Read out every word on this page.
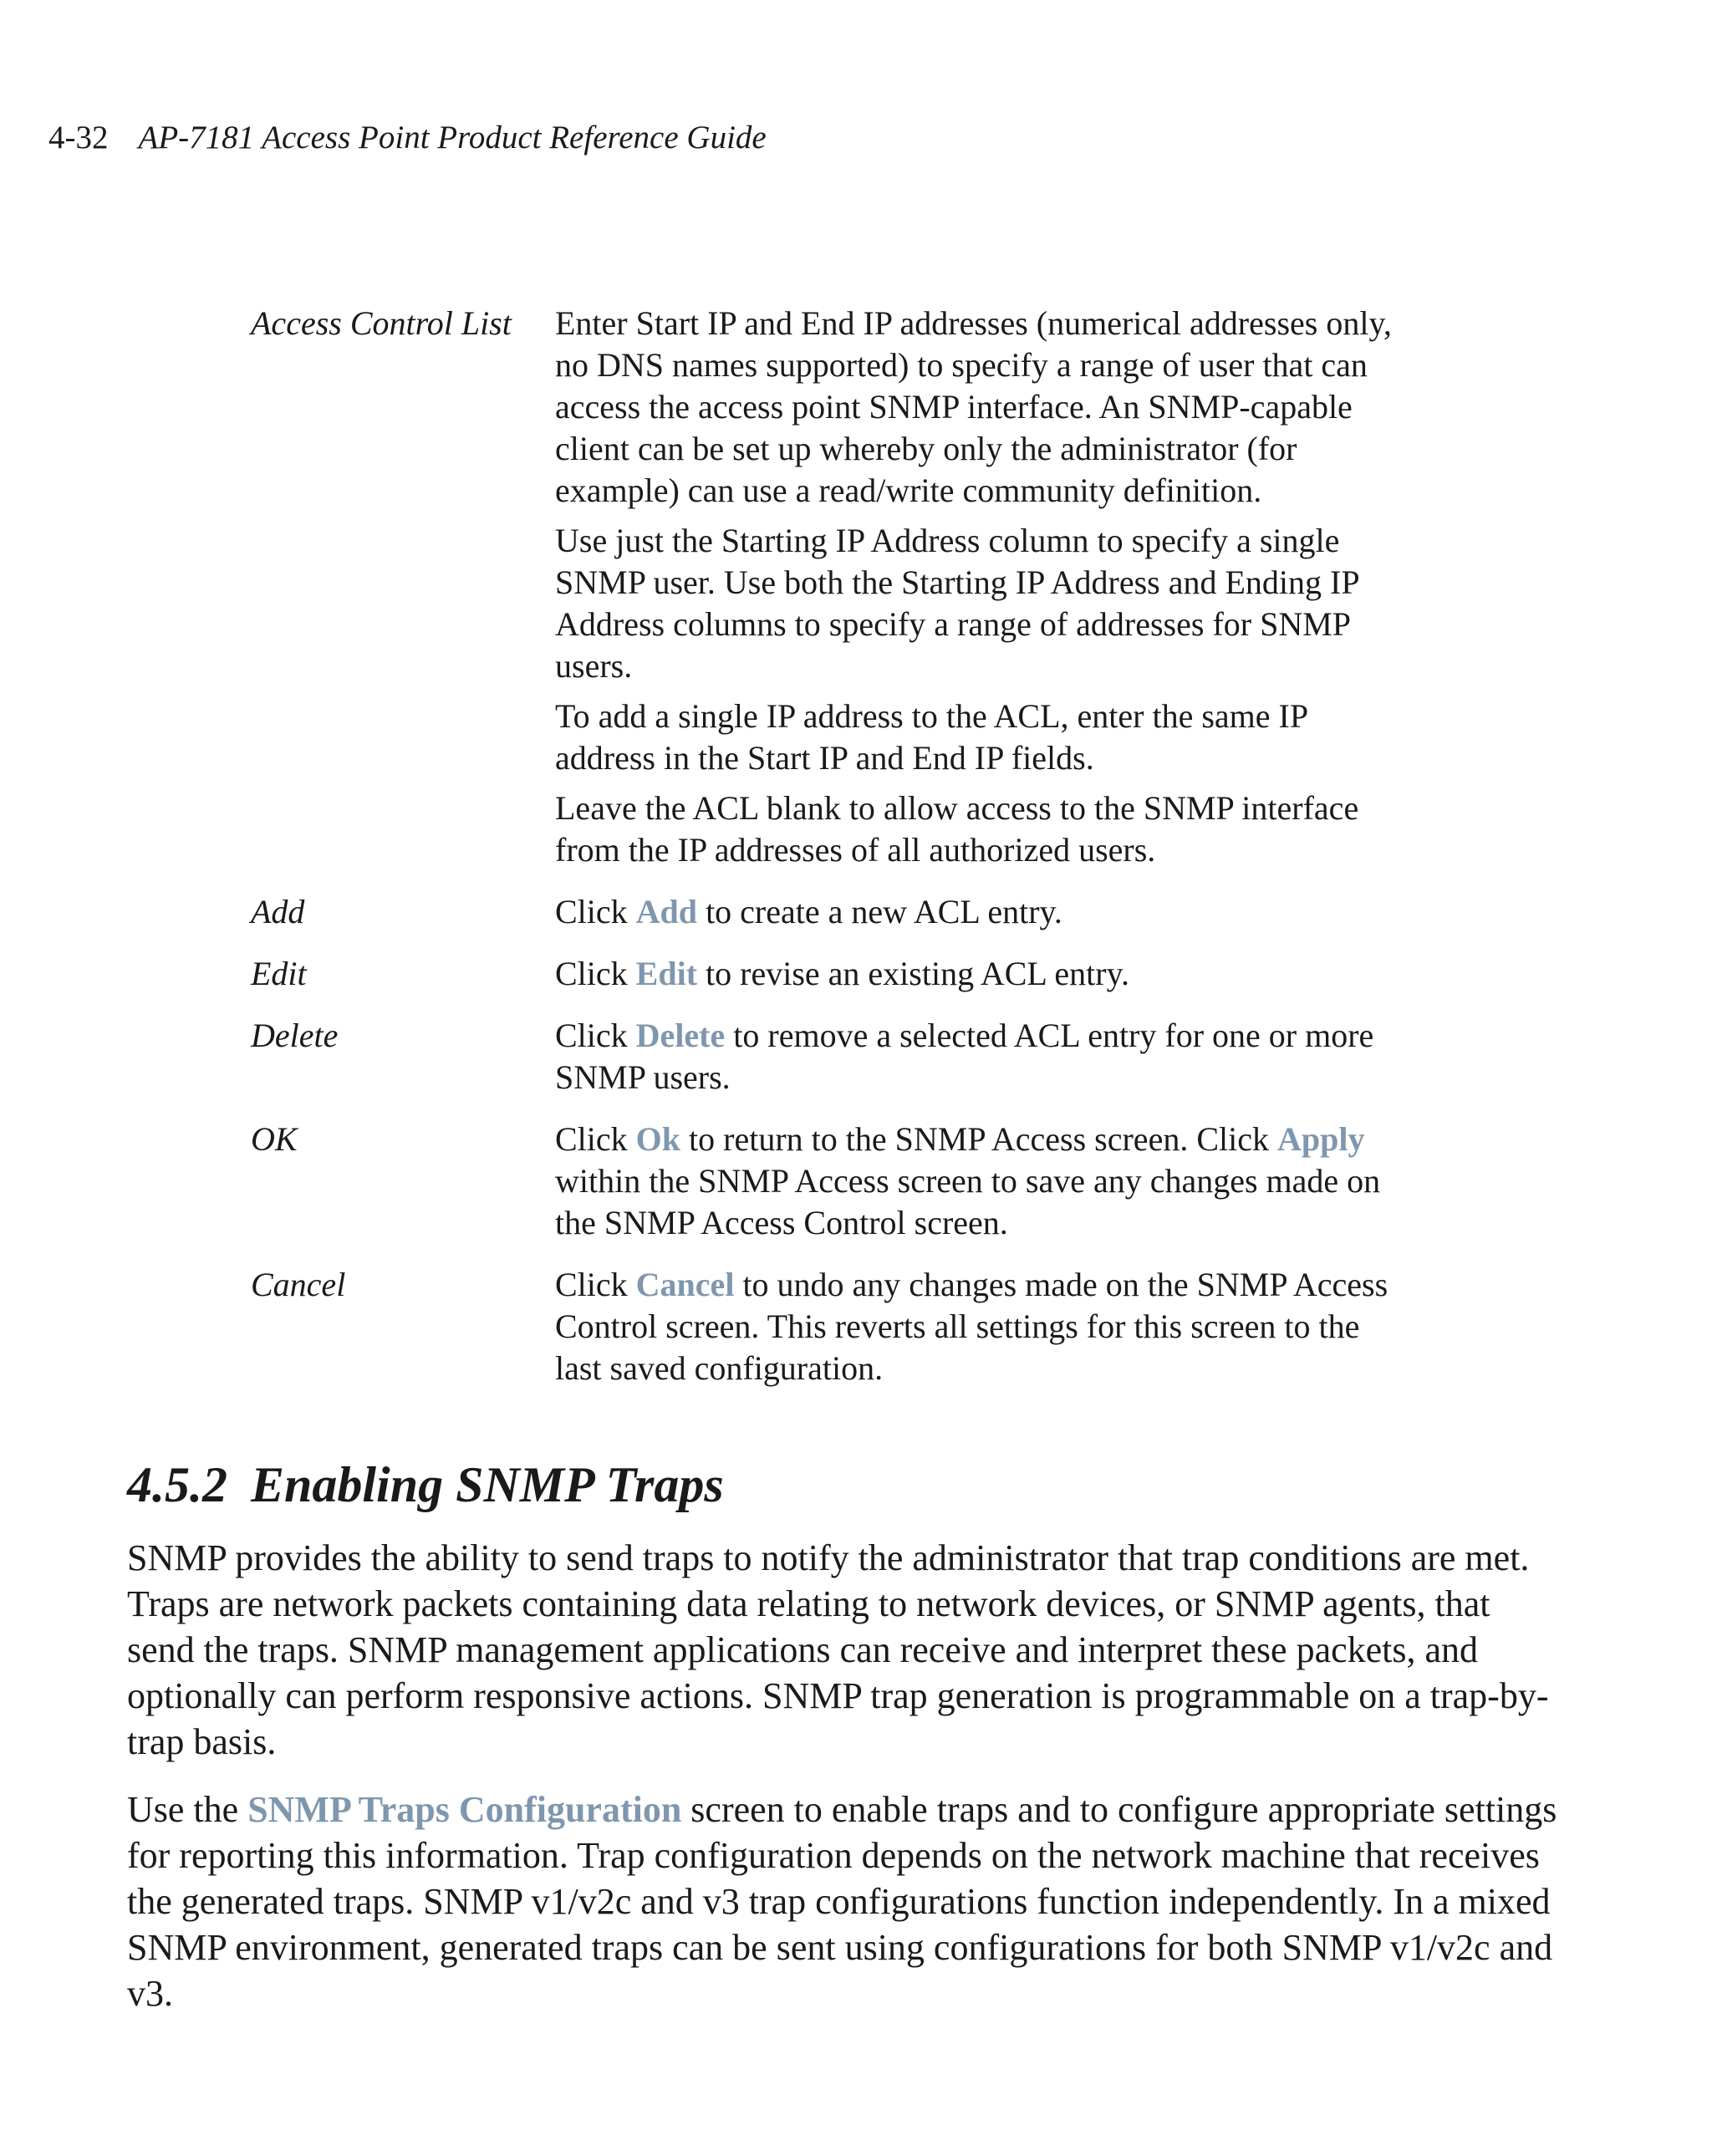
4-32 AP-7181 Access Point Product Reference Guide
Access Control List	Enter Start IP and End IP addresses (numerical addresses only, no DNS names supported) to specify a range of user that can access the access point SNMP interface. An SNMP-capable client can be set up whereby only the administrator (for example) can use a read/write community definition.

Use just the Starting IP Address column to specify a single SNMP user. Use both the Starting IP Address and Ending IP Address columns to specify a range of addresses for SNMP users.

To add a single IP address to the ACL, enter the same IP address in the Start IP and End IP fields.

Leave the ACL blank to allow access to the SNMP interface from the IP addresses of all authorized users.

Add	Click Add to create a new ACL entry.
Edit	Click Edit to revise an existing ACL entry.
Delete	Click Delete to remove a selected ACL entry for one or more SNMP users.
OK	Click Ok to return to the SNMP Access screen. Click Apply within the SNMP Access screen to save any changes made on the SNMP Access Control screen.
Cancel	Click Cancel to undo any changes made on the SNMP Access Control screen. This reverts all settings for this screen to the last saved configuration.
4.5.2 Enabling SNMP Traps

SNMP provides the ability to send traps to notify the administrator that trap conditions are met. Traps are network packets containing data relating to network devices, or SNMP agents, that send the traps. SNMP management applications can receive and interpret these packets, and optionally can perform responsive actions. SNMP trap generation is programmable on a trap-by-trap basis.

Use the SNMP Traps Configuration screen to enable traps and to configure appropriate settings for reporting this information. Trap configuration depends on the network machine that receives the generated traps. SNMP v1/v2c and v3 trap configurations function independently. In a mixed SNMP environment, generated traps can be sent using configurations for both SNMP v1/v2c and v3.
